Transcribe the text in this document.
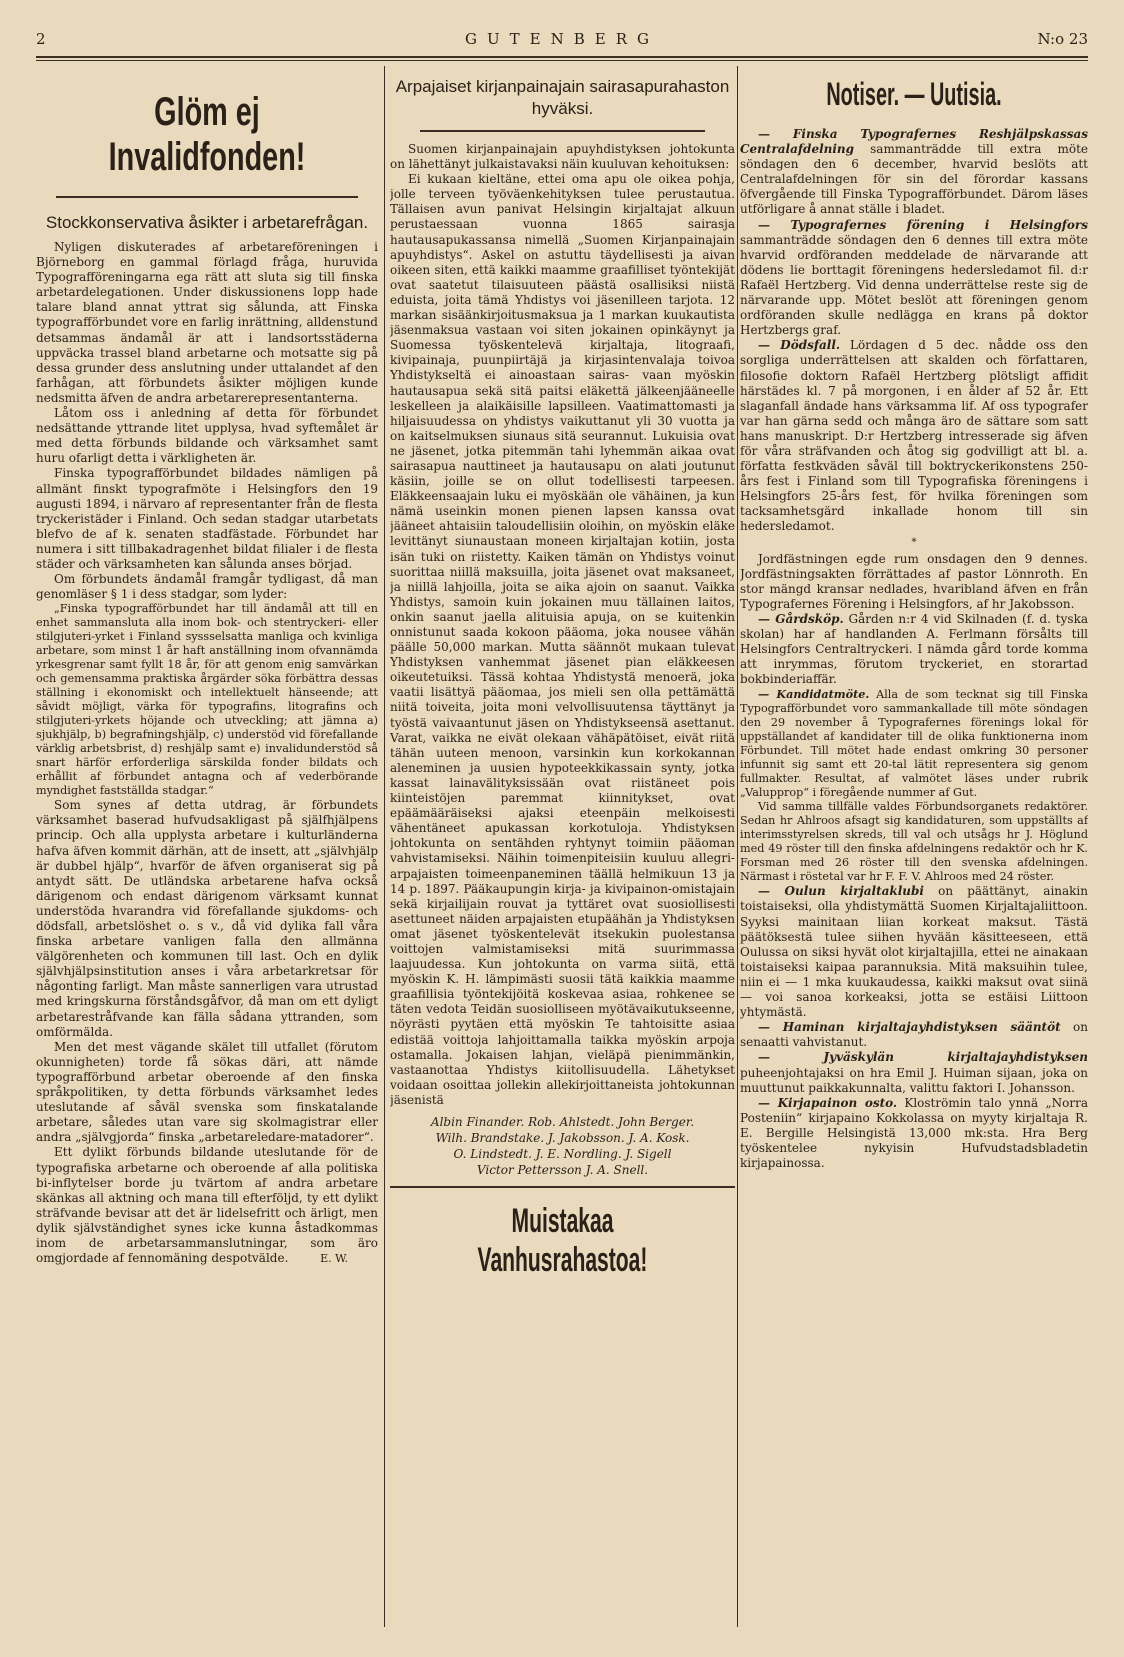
2	GUTENBERG	N:o 23
Glöm ej Invalidfonden!
Stockkonservativa åsikter i arbetarefrågan.

Nyligen diskuterades af arbetareföreningen i Björneborg en gammal förlagd fråga, huruvida Typografföreningarna ega rätt att sluta sig till finska arbetardelegationen. Under diskussionens lopp hade talare bland annat yttrat sig sålunda, att Finska typografförbundet vore en farlig inrättning, alldenstund detsammas ändamål är att i landsortsstäderna uppväcka trassel bland arbetarne och motsatte sig på dessa grunder dess anslutning under uttalandet af den farhågan, att förbundets åsikter möjligen kunde nedsmitta äfven de andra arbetarerepresentanterna.

Låtom oss i anledning af detta för förbundet nedsättande yttrande litet upplysa, hvad syftemålet är med detta förbunds bildande och värksamhet samt huru ofarligt detta i värkligheten är.

Finska typografförbundet bildades nämligen på allmänt finskt typografmöte i Helsingfors den 19 augusti 1894, i närvaro af representanter från de flesta tryckeristäder i Finland. Och sedan stadgar utarbetats blefvo de af k. senaten stadfästade. Förbundet har numera i sitt tillbakadragenhet bildat filialer i de flesta städer och värksamheten kan sålunda anses börjad.

Om förbundets ändamål framgår tydligast, då man genomläser § 1 i dess stadgar, som lyder:

„Finska typografförbundet har till ändamål att till en enhet sammansluta alla inom bok- och stentryckeri- eller stilgjuteri-yrket i Finland syssselsatta manliga och kvinliga arbetare, som minst 1 år haft anställning inom ofvannämda yrkesgrenar samt fyllt 18 år, för att genom enig samvärkan och gemensamma praktiska årgärder söka förbättra dessas ställning i ekonomiskt och intellektuelt hänseende; att såvidt möjligt, värka för typografins, litografins och stilgjuteri-yrkets höjande och utveckling; att jämna a) sjukhjälp, b) begrafningshjälp, c) understöd vid förefallande värklig arbetsbrist, d) reshjälp samt e) invalidunderstöd så snart härför erforderliga särskilda fonder bildats och erhållit af förbundet antagna och af vederbörande myndighet fastställda stadgar.“

Som synes af detta utdrag, är förbundets värksamhet baserad hufvudsakligast på själfhjälpens princip. Och alla upplysta arbetare i kulturländerna hafva äfven kommit därhän, att de insett, att „självhjälp är dubbel hjälp“, hvarför de äfven organiserat sig på antydt sätt. De utländska arbetarene hafva också därigenom och endast därigenom värksamt kunnat understöda hvarandra vid förefallande sjukdoms- och dödsfall, arbetslöshet o. s v., då vid dylika fall våra finska arbetare vanligen falla den allmänna välgörenheten och kommunen till last. Och en dylik självhjälpsinstitution anses i våra arbetarkretsar för någonting farligt. Man måste sannerligen vara utrustad med kringskurna förståndsgåfvor, då man om ett dyligt arbetarestråfvande kan fälla sådana yttranden, som omförmälda.

Men det mest vägande skälet till utfallet (förutom okunnigheten) torde få sökas däri, att nämde typografförbund arbetar oberoende af den finska språkpolitiken, ty detta förbunds värksamhet ledes uteslutande af såväl svenska som finskatalande arbetare, således utan vare sig skolmagistrar eller andra „självgjorda“ finska „arbetareledare-matadorer“.

Ett dylikt förbunds bildande uteslutande för de typografiska arbetarne och oberoende af alla politiska bi-inflytelser borde ju tvärtom af andra arbetare skänkas all aktning och mana till efterföljd, ty ett dylikt sträfvande bevisar att det är lidelsefritt och ärligt, men dylik självständighet synes icke kunna åstadkommas inom de arbetarsammanslutningar, som äro omgjordade af fennomäning despotvälde.	E. W.
Arpajaiset kirjanpainajain sairasapurahaston hyväksi.

Suomen kirjanpainajain apuyhdistyksen johtokunta on lähettänyt julkaistavaksi näin kuuluvan kehoituksen:

Ei kukaan kieltäne, ettei oma apu ole oikea pohja, jolle terveen työväenkehityksen tulee perustautua. Tällaisen avun panivat Helsingin kirjaltajat alkuun perustaessaan vuonna 1865 sairasja hautausapukassansa nimellä „Suomen Kirjanpainajain apuyhdistys“. Askel on astuttu täydellisesti ja aivan oikeen siten, että kaikki maamme graafilliset työntekijät ovat saatetut tilaisuuteen päästä osallisiksi niistä eduista, joita tämä Yhdistys voi jäsenilleen tarjota. 12 markan sisäänkirjoitusmaksua ja 1 markan kuukautista jäsenmaksua vastaan voi siten jokainen opinkäynyt ja Suomessa työskentelevä kirjaltaja, litograafi, kivipainaja, puunpiirtäjä ja kirjasintenvalaja toivoa Yhdistykseltä ei ainoastaan sairas- vaan myöskin hautausapua sekä sitä paitsi eläkettä jälkeenjääneelle leskelleen ja alaikäisille lapsilleen. Vaatimattomasti ja hiljaisuudessa on yhdistys vaikuttanut yli 30 vuotta ja on kaitselmuksen siunaus sitä seurannut. Lukuisia ovat ne jäsenet, jotka pitemmän tahi lyhemmän aikaa ovat sairasapua nauttineet ja hautausapu on alati joutunut käsiin, joille se on ollut todellisesti tarpeesen. Eläkkeensaajain luku ei myöskään ole vähäinen, ja kun nämä useinkin monen pienen lapsen kanssa ovat jääneet ahtaisiin taloudellisiin oloihin, on myöskin eläke levittänyt siunaustaan moneen kirjaltajan kotiin, josta isän tuki on riistetty. Kaiken tämän on Yhdistys voinut suorittaa niillä maksuilla, joita jäsenet ovat maksaneet, ja niillä lahjoilla, joita se aika ajoin on saanut. Vaikka Yhdistys, samoin kuin jokainen muu tällainen laitos, onkin saanut jaella alituisia apuja, on se kuitenkin onnistunut saada kokoon pääoma, joka nousee vähän päälle 50,000 markan. Mutta säännöt mukaan tulevat Yhdistyksen vanhemmat jäsenet pian eläkkeesen oikeutetuiksi. Tässä kohtaa Yhdistystä menoerä, joka vaatii lisättyä pääomaa, jos mieli sen olla pettämättä niitä toiveita, joita moni velvollisuutensa täyttänyt ja työstä vaivaantunut jäsen on Yhdistykseensä asettanut. Varat, vaikka ne eivät olekaan vähäpätöiset, eivät riitä tähän uuteen menoon, varsinkin kun korkokannan aleneminen ja uusien hypoteekkikassain synty, jotka kassat lainavälityksissään ovat riistäneet pois kiinteistöjen paremmat kiinnitykset, ovat epäämääräiseksi ajaksi eteenpäin melkoisesti vähentäneet apukassan korkotuloja. Yhdistyksen johtokunta on sentähden ryhtynyt toimiin pääoman vahvistamiseksi. Näihin toimenpiteisiin kuuluu allegri-arpajaisten toimeenpaneminen täällä helmikuun 13 ja 14 p. 1897. Pääkaupungin kirja- ja kivipainon-omistajain sekä kirjailijain rouvat ja tyttäret ovat suosiollisesti asettuneet näiden arpajaisten etupäähän ja Yhdistyksen omat jäsenet työskentelevät itsekukin puolestansa voittojen valmistamiseksi mitä suurimmassa laajuudessa. Kun johtokunta on varma siitä, että myöskin K. H. lämpimästi suosii tätä kaikkia maamme graafillisia työntekijöitä koskevaa asiaa, rohkenee se täten vedota Teidän suosiolliseen myötävaikutukseenne, nöyrästi pyytäen että myöskin Te tahtoisitte asiaa edistää voittoja lahjoittamalla taikka myöskin arpoja ostamalla. Jokaisen lahjan, vieläpä pienimmänkin, vastaanottaa Yhdistys kiitollisuudella. Lähetykset voidaan osoittaa jollekin allekirjoittaneista johtokunnan jäsenistä

Albin Finander. Rob. Ahlstedt. John Berger.
Wilh. Brandstake. J. Jakobsson. J. A. Kosk.
O. Lindstedt. J. E. Nordling. J. Sigell
Victor Pettersson J. A. Snell.
Muistakaa Vanhusrahastoa!
Notiser. — Uutisia.

— Finska Typografernes Reshjälpskassas Centralafdelning sammanträdde till extra möte söndagen den 6 december, hvarvid beslöts att Centralafdelningen för sin del förordar kassans öfvergående till Finska Typografförbundet. Därom läses utförligare å annat ställe i bladet.

— Typografernes förening i Helsingfors sammanträdde söndagen den 6 dennes till extra möte hvarvid ordföranden meddelade de närvarande att dödens lie borttagit föreningens hedersledamot fil. d:r Rafaël Hertzberg. Vid denna underrättelse reste sig de närvarande upp. Mötet beslöt att föreningen genom ordföranden skulle nedlägga en krans på doktor Hertzbergs graf.

— Dödsfall. Lördagen d 5 dec. nådde oss den sorgliga underrättelsen att skalden och författaren, filosofie doktorn Rafaël Hertzberg plötsligt affidit härstädes kl. 7 på morgonen, i en ålder af 52 år. Ett slaganfall ändade hans värksamma lif. Af oss typografer var han gärna sedd och många äro de sättare som satt hans manuskript. D:r Hertzberg intresserade sig äfven för våra sträfvanden och åtog sig godvilligt att bl. a. författa festkväden såväl till boktryckerikonstens 250-års fest i Finland som till Typografiska föreningens i Helsingfors 25-års fest, för hvilka föreningen som tacksamhetsgärd inkallade honom till sin hedersledamot.

*

Jordfästningen egde rum onsdagen den 9 dennes. Jordfästningsakten förrättades af pastor Lönnroth. En stor mängd kransar nedlades, hvaribland äfven en från Typografernes Förening i Helsingfors, af hr Jakobsson.

— Gårdsköp. Gården n:r 4 vid Skilnaden (f. d. tyska skolan) har af handlanden A. Ferlmann försålts till Helsingfors Centraltryckeri. I nämda gård torde komma att inrymmas, förutom tryckeriet, en storartad bokbinderiaffär.

— Kandidatmöte. Alla de som tecknat sig till Finska Typografförbundet voro sammankallade till möte söndagen den 29 november å Typografernes förenings lokal för uppställandet af kandidater till de olika funktionerna inom Förbundet. Till mötet hade endast omkring 30 personer infunnit sig samt ett 20-tal lätit representera sig genom fullmakter. Resultat, af valmötet läses under rubrik „Valupprop“ i föregående nummer af Gut.

Vid samma tillfälle valdes Förbundsorganets redaktörer. Sedan hr Ahlroos afsagt sig kandidaturen, som uppställts af interimsstyrelsen skreds, till val och utsågs hr J. Höglund med 49 röster till den finska afdelningens redaktör och hr K. Forsman med 26 röster till den svenska afdelningen. Närmast i röstetal var hr F. F. V. Ahlroos med 24 röster.

— Oulun kirjaltaklubi on päättänyt, ainakin toistaiseksi, olla yhdistymättä Suomen Kirjaltajaliittoon. Syyksi mainitaan liian korkeat maksut. Tästä päätöksestä tulee siihen hyvään käsitteeseen, että Oulussa on siksi hyvät olot kirjaltajilla, ettei ne ainakaan toistaiseksi kaipaa parannuksia. Mitä maksuihin tulee, niin ei — 1 mka kuukaudessa, kaikki maksut ovat siinä — voi sanoa korkeaksi, jotta se estäisi Liittoon yhtymästä.

— Haminan kirjaltajayhdistyksen sääntöt on senaatti vahvistanut.

— Jyväskylän kirjaltajayhdistyksen puheenjohtajaksi on hra Emil J. Huiman sijaan, joka on muuttunut paikkakunnalta, valittu faktori I. Johansson.

— Kirjapainon osto. Kloströmin talo ynnä „Norra Posteniin“ kirjapaino Kokkolassa on myyty kirjaltaja R. E. Bergille Helsingistä 13,000 mk:sta. Hra Berg työskentelee nykyisin Hufvudstadsbladetin kirjapainossa.
